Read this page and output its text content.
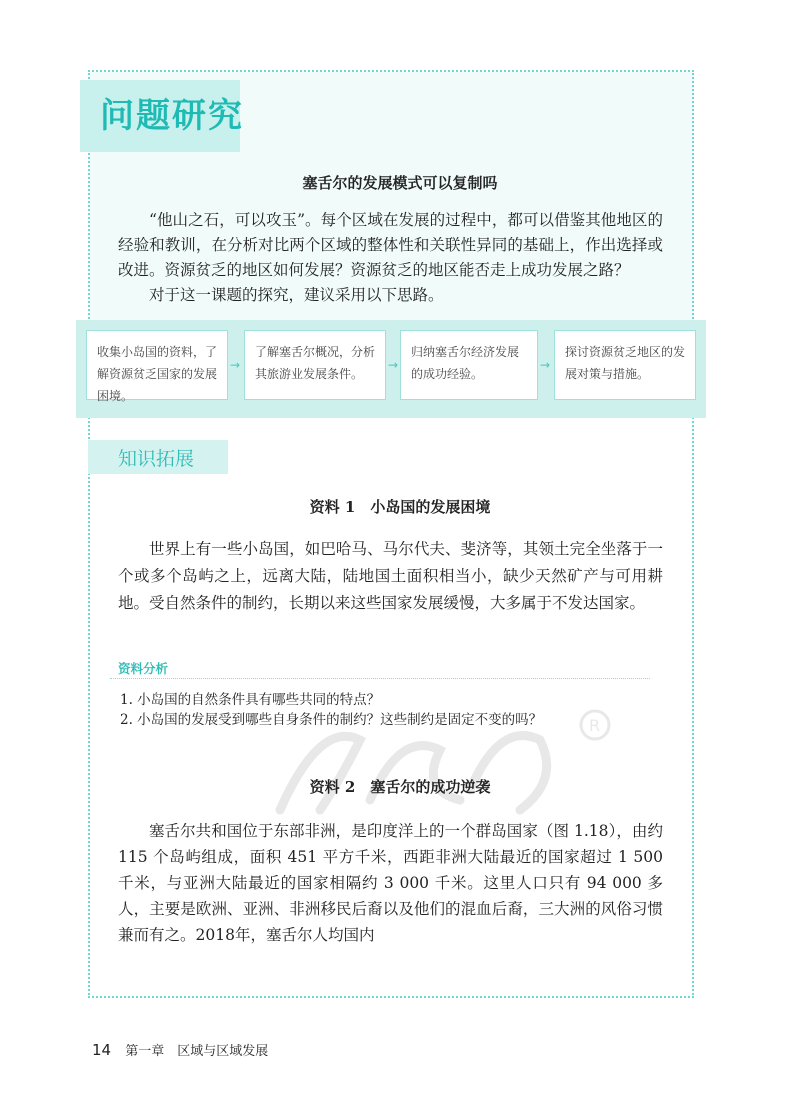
问题研究
塞舌尔的发展模式可以复制吗

“他山之石，可以攻玉”。每个区域在发展的过程中，都可以借鉴其他地区的经验和教训，在分析对比两个区域的整体性和关联性异同的基础上，作出选择或改进。资源贫乏的地区如何发展？资源贫乏的地区能否走上成功发展之路？

对于这一课题的探究，建议采用以下思路。

收集小岛国的资料，了解资源贫乏国家的发展困境。
→
了解塞舌尔概况，分析其旅游业发展条件。
→
归纳塞舌尔经济发展的成功经验。
→
探讨资源贫乏地区的发展对策与措施。
知识拓展
资料 1　小岛国的发展困境

世界上有一些小岛国，如巴哈马、马尔代夫、斐济等，其领土完全坐落于一个或多个岛屿之上，远离大陆，陆地国土面积相当小，缺少天然矿产与可用耕地。受自然条件的制约，长期以来这些国家发展缓慢，大多属于不发达国家。

资料分析
1. 小岛国的自然条件具有哪些共同的特点？
2. 小岛国的发展受到哪些自身条件的制约？这些制约是固定不变的吗？	R
资料 2　塞舌尔的成功逆袭

塞舌尔共和国位于东部非洲，是印度洋上的一个群岛国家（图 1.18），由约 115 个岛屿组成，面积 451 平方千米，西距非洲大陆最近的国家超过 1 500 千米，与亚洲大陆最近的国家相隔约 3 000 千米。这里人口只有 94 000 多人，主要是欧洲、亚洲、非洲移民后裔以及他们的混血后裔，三大洲的风俗习惯兼而有之。2018年，塞舌尔人均国内

14 第一章　区域与区域发展
